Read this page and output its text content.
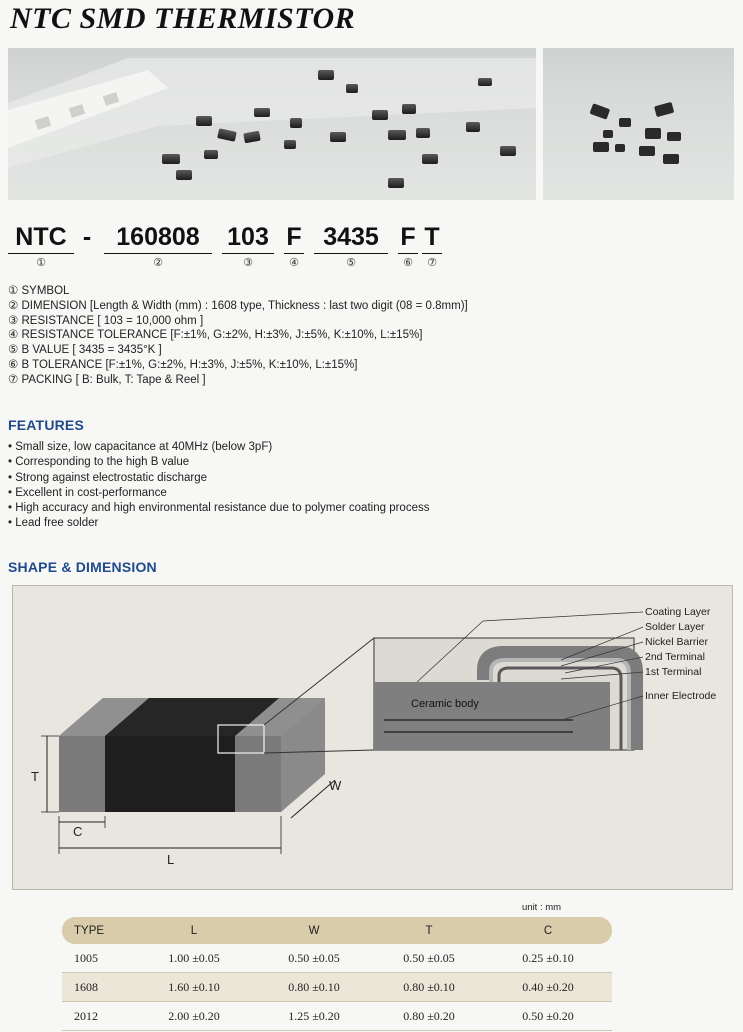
NTC SMD THERMISTOR
NTC
①
-	160808
②
103
③
F
④
3435
⑤
F
⑥
T
⑦
① SYMBOL
② DIMENSION [Length & Width (mm) : 1608 type, Thickness : last two digit (08 = 0.8mm)]
③ RESISTANCE [ 103 = 10,000 ohm ]
④ RESISTANCE TOLERANCE [F:±1%, G:±2%, H:±3%, J:±5%, K:±10%, L:±15%]
⑤ B VALUE [ 3435 = 3435°K ]
⑥ B TOLERANCE [F:±1%, G:±2%, H:±3%, J:±5%, K:±10%, L:±15%]
⑦ PACKING [ B: Bulk, T: Tape & Reel ]
FEATURES
• Small size, low capacitance at 40MHz (below 3pF)
• Corresponding to the high B value
• Strong against electrostatic discharge
• Excellent in cost-performance
• High accuracy and high environmental resistance due to polymer coating process
• Lead free solder
SHAPE & DIMENSION
Coating Layer
Solder Layer
Nickel Barrier
2nd Terminal
1st Terminal
Inner Electrode
Ceramic body
T
C
L
W
unit : mm
TYPE	L	W	T	C
1005	1.00 ±0.05	0.50 ±0.05	0.50 ±0.05	0.25 ±0.10
1608	1.60 ±0.10	0.80 ±0.10	0.80 ±0.10	0.40 ±0.20
2012	2.00 ±0.20	1.25 ±0.20	0.80 ±0.20	0.50 ±0.20
